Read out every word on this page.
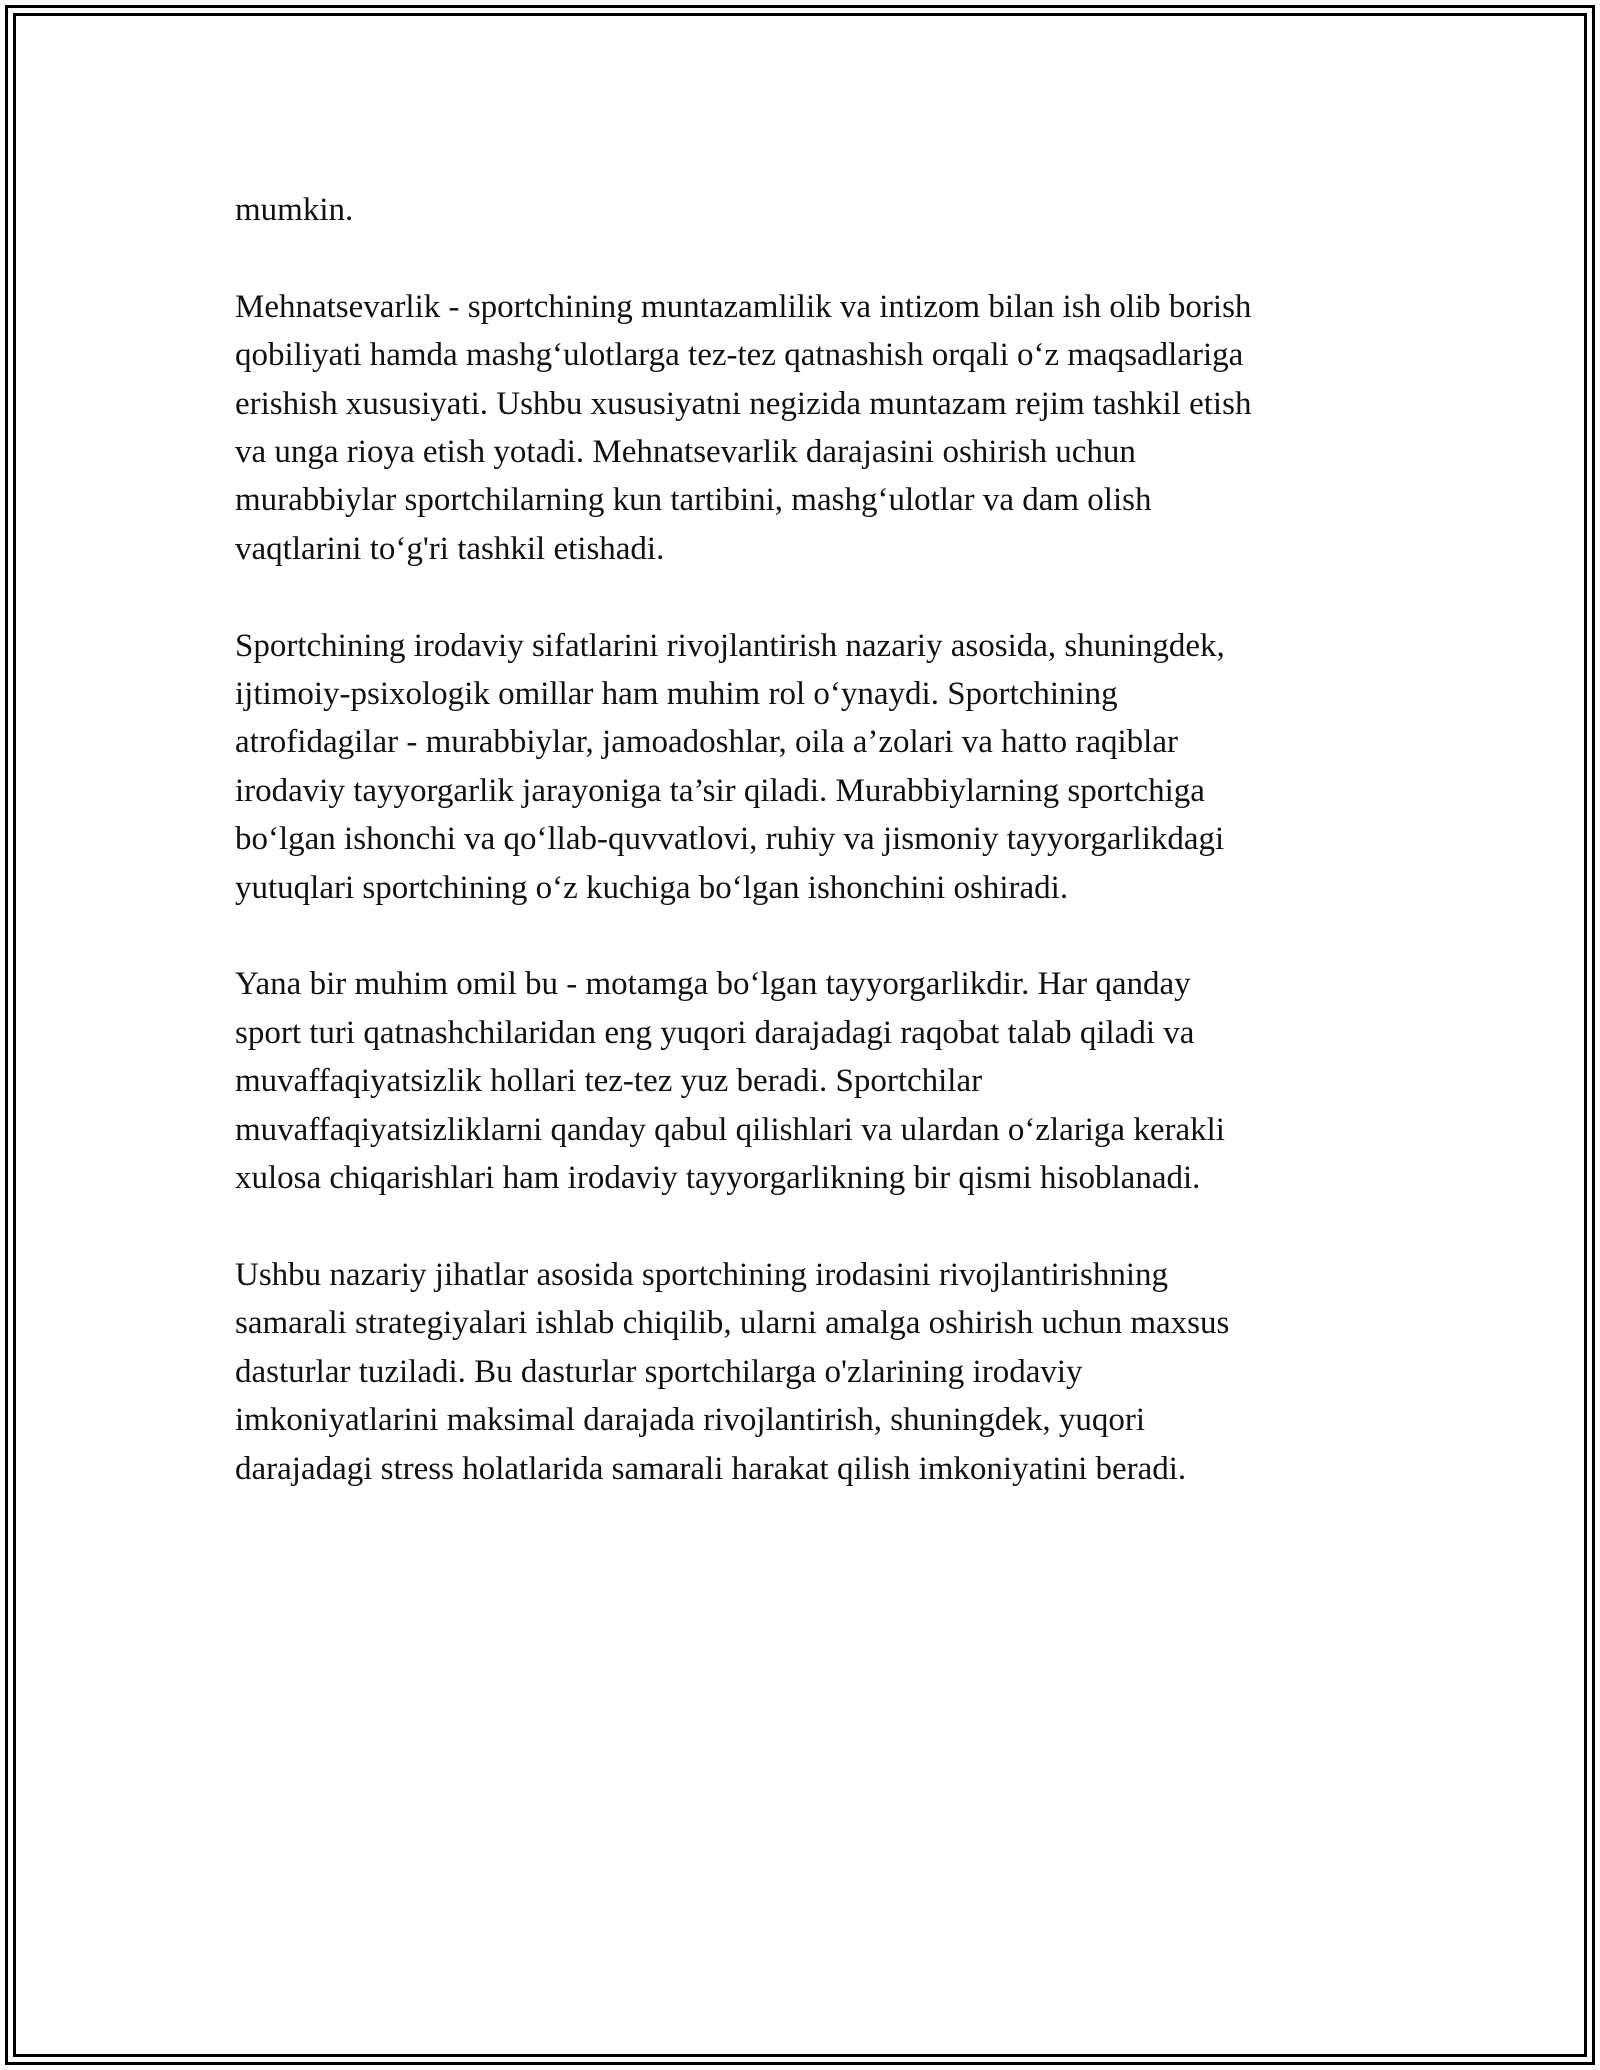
mumkin.

Mehnatsevarlik - sportchining muntazamlilik va intizom bilan ish olib borish
qobiliyati hamda mashg‘ulotlarga tez-tez qatnashish orqali o‘z maqsadlariga
erishish xususiyati. Ushbu xususiyatni negizida muntazam rejim tashkil etish
va unga rioya etish yotadi. Mehnatsevarlik darajasini oshirish uchun
murabbiylar sportchilarning kun tartibini, mashg‘ulotlar va dam olish
vaqtlarini to‘g'ri tashkil etishadi.

Sportchining irodaviy sifatlarini rivojlantirish nazariy asosida, shuningdek,
ijtimoiy-psixologik omillar ham muhim rol o‘ynaydi. Sportchining
atrofidagilar - murabbiylar, jamoadoshlar, oila a’zolari va hatto raqiblar
irodaviy tayyorgarlik jarayoniga ta’sir qiladi. Murabbiylarning sportchiga
bo‘lgan ishonchi va qo‘llab-quvvatlovi, ruhiy va jismoniy tayyorgarlikdagi
yutuqlari sportchining o‘z kuchiga bo‘lgan ishonchini oshiradi.

Yana bir muhim omil bu - motamga bo‘lgan tayyorgarlikdir. Har qanday
sport turi qatnashchilaridan eng yuqori darajadagi raqobat talab qiladi va
muvaffaqiyatsizlik hollari tez-tez yuz beradi. Sportchilar
muvaffaqiyatsizliklarni qanday qabul qilishlari va ulardan o‘zlariga kerakli
xulosa chiqarishlari ham irodaviy tayyorgarlikning bir qismi hisoblanadi.

Ushbu nazariy jihatlar asosida sportchining irodasini rivojlantirishning
samarali strategiyalari ishlab chiqilib, ularni amalga oshirish uchun maxsus
dasturlar tuziladi. Bu dasturlar sportchilarga o'zlarining irodaviy
imkoniyatlarini maksimal darajada rivojlantirish, shuningdek, yuqori
darajadagi stress holatlarida samarali harakat qilish imkoniyatini beradi.
